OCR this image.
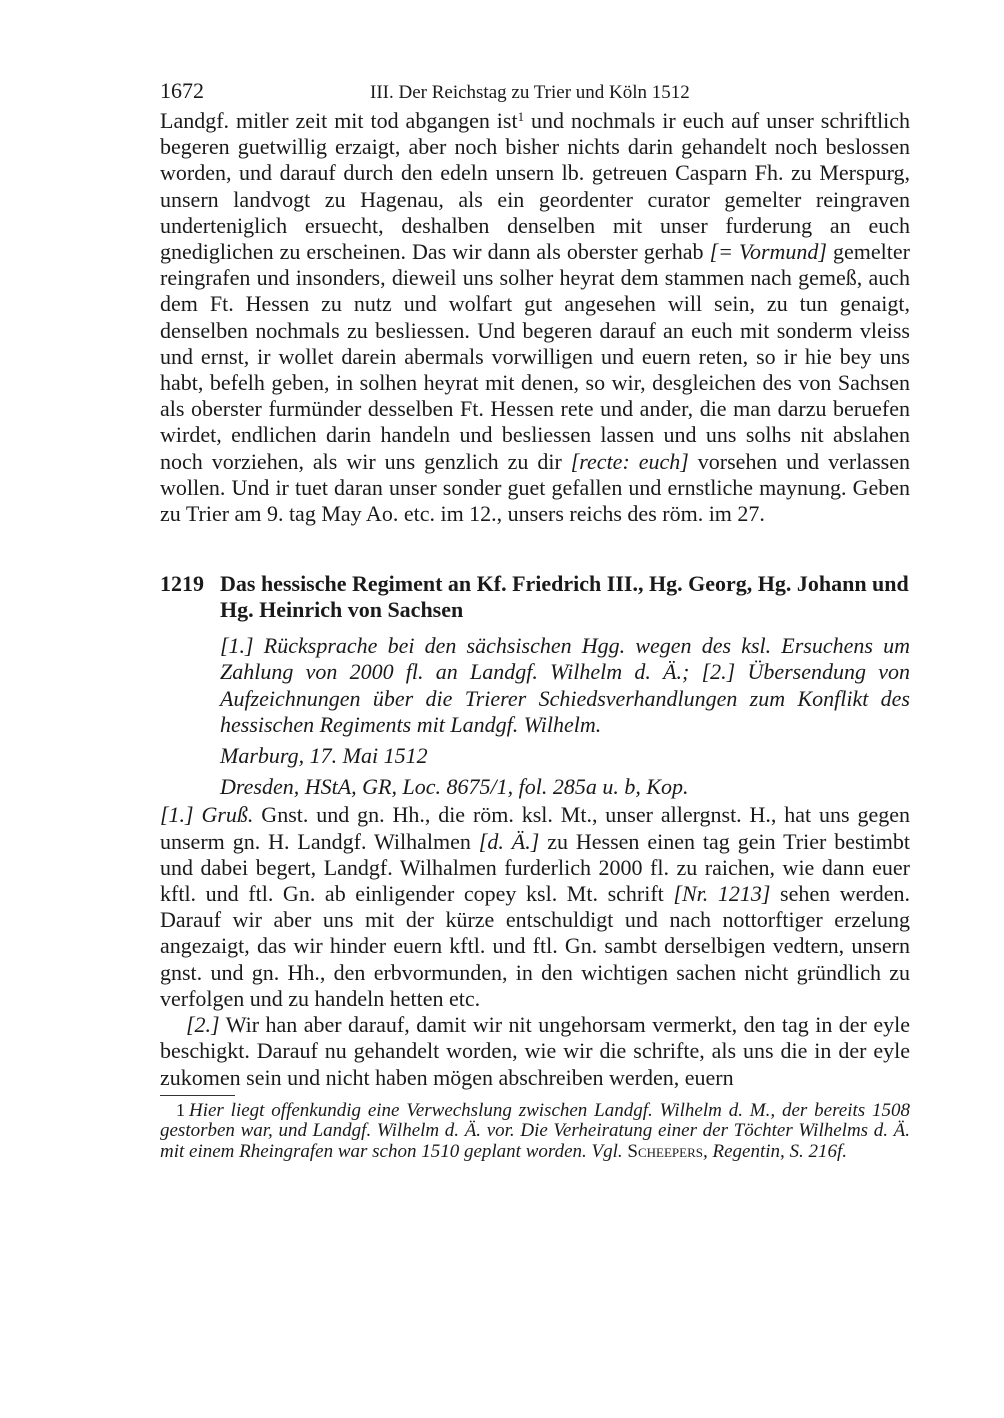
1672	III. Der Reichstag zu Trier und Köln 1512

Landgf. mitler zeit mit tod abgangen ist$^1$ und nochmals ir euch auf unser schriftlich begeren guetwillig erzaigt, aber noch bisher nichts darin gehandelt noch beslossen worden, und darauf durch den edeln unsern lb. getreuen Casparn Fh. zu Merspurg, unsern landvogt zu Hagenau, als ein geordenter curator gemelter reingraven underteniglich ersuecht, deshalben denselben mit unser furderung an euch gnediglichen zu erscheinen. Das wir dann als oberster gerhab [= Vormund] gemelter reingrafen und insonders, dieweil uns solher heyrat dem stammen nach gemeß, auch dem Ft. Hessen zu nutz und wolfart gut angesehen will sein, zu tun genaigt, denselben nochmals zu besliessen. Und begeren darauf an euch mit sonderm vleiss und ernst, ir wollet darein abermals vorwilligen und euern reten, so ir hie bey uns habt, befelh geben, in solhen heyrat mit denen, so wir, desgleichen des von Sachsen als oberster furmünder desselben Ft. Hessen rete und ander, die man darzu beruefen wirdet, endlichen darin handeln und besliessen lassen und uns solhs nit abslahen noch vorziehen, als wir uns genzlich zu dir [recte: euch] vorsehen und verlassen wollen. Und ir tuet daran unser sonder guet gefallen und ernstliche maynung. Geben zu Trier am 9. tag May Ao. etc. im 12., unsers reichs des röm. im 27.

1219 Das hessische Regiment an Kf. Friedrich III., Hg. Georg, Hg. Johann und Hg. Heinrich von Sachsen
[1.] Rücksprache bei den sächsischen Hgg. wegen des ksl. Ersuchens um Zahlung von 2000 fl. an Landgf. Wilhelm d. Ä.; [2.] Übersendung von Aufzeichnungen über die Trierer Schiedsverhandlungen zum Konflikt des hessischen Regiments mit Landgf. Wilhelm.
Marburg, 17. Mai 1512
Dresden, HStA, GR, Loc. 8675/1, fol. 285a u. b, Kop.

[1.] Gruß. Gnst. und gn. Hh., die röm. ksl. Mt., unser allergnst. H., hat uns gegen unserm gn. H. Landgf. Wilhalmen [d. Ä.] zu Hessen einen tag gein Trier bestimbt und dabei begert, Landgf. Wilhalmen furderlich 2000 fl. zu raichen, wie dann euer kftl. und ftl. Gn. ab einligender copey ksl. Mt. schrift [Nr. 1213] sehen werden. Darauf wir aber uns mit der kürze entschuldigt und nach nottorftiger erzelung angezaigt, das wir hinder euern kftl. und ftl. Gn. sambt derselbigen vedtern, unsern gnst. und gn. Hh., den erbvormunden, in den wichtigen sachen nicht gründlich zu verfolgen und zu handeln hetten etc.

[2.] Wir han aber darauf, damit wir nit ungehorsam vermerkt, den tag in der eyle beschigkt. Darauf nu gehandelt worden, wie wir die schrifte, als uns die in der eyle zukomen sein und nicht haben mögen abschreiben werden, euern

1 Hier liegt offenkundig eine Verwechslung zwischen Landgf. Wilhelm d. M., der bereits 1508 gestorben war, und Landgf. Wilhelm d. Ä. vor. Die Verheiratung einer der Töchter Wilhelms d. Ä. mit einem Rheingrafen war schon 1510 geplant worden. Vgl. Scheepers, Regentin, S. 216f.
